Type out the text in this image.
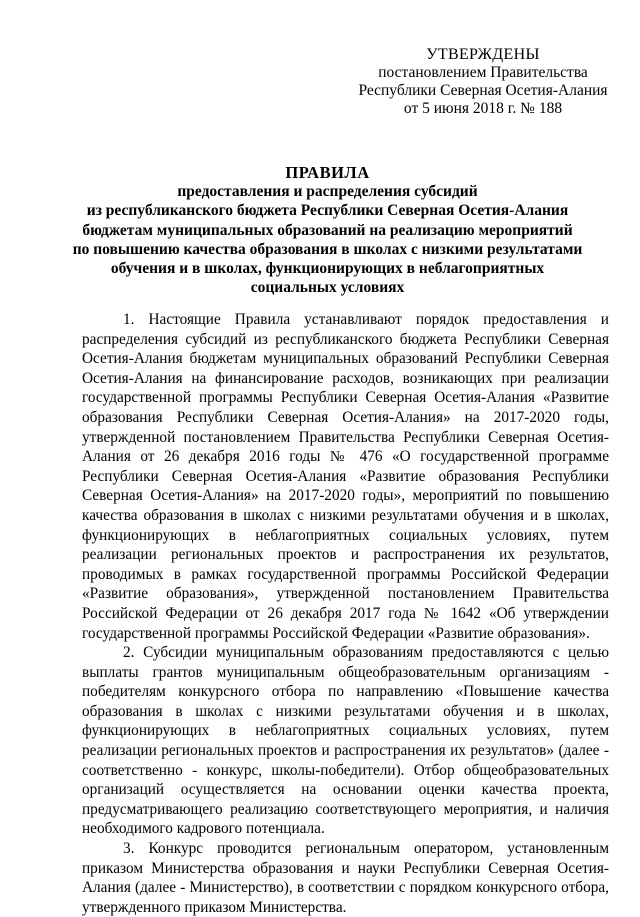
УТВЕРЖДЕНЫ
постановлением Правительства
Республики Северная Осетия-Алания
от 5 июня 2018 г. № 188
ПРАВИЛА
предоставления и распределения субсидий
из республиканского бюджета Республики Северная Осетия-Алания
бюджетам муниципальных образований на реализацию мероприятий
по повышению качества образования в школах с низкими результатами
обучения и в школах, функционирующих в неблагоприятных
социальных условиях

1. Настоящие Правила устанавливают порядок предоставления и распределения субсидий из республиканского бюджета Республики Северная Осетия-Алания бюджетам муниципальных образований Республики Северная Осетия-Алания на финансирование расходов, возникающих при реализации государственной программы Республики Северная Осетия-Алания «Развитие образования Республики Северная Осетия-Алания» на 2017-2020 годы, утвержденной постановлением Правительства Республики Северная Осетия-Алания от 26 декабря 2016 годы № 476 «О государственной программе Республики Северная Осетия-Алания «Развитие образования Республики Северная Осетия-Алания» на 2017-2020 годы», мероприятий по повышению качества образования в школах с низкими результатами обучения и в школах, функционирующих в неблагоприятных социальных условиях, путем реализации региональных проектов и распространения их результатов, проводимых в рамках государственной программы Российской Федерации «Развитие образования», утвержденной постановлением Правительства Российской Федерации от 26 декабря 2017 года № 1642 «Об утверждении государственной программы Российской Федерации «Развитие образования».

2. Субсидии муниципальным образованиям предоставляются с целью выплаты грантов муниципальным общеобразовательным организациям - победителям конкурсного отбора по направлению «Повышение качества образования в школах с низкими результатами обучения и в школах, функционирующих в неблагоприятных социальных условиях, путем реализации региональных проектов и распространения их результатов» (далее - соответственно - конкурс, школы-победители). Отбор общеобразовательных организаций осуществляется на основании оценки качества проекта, предусматривающего реализацию соответствующего мероприятия, и наличия необходимого кадрового потенциала.

3. Конкурс проводится региональным оператором, установленным приказом Министерства образования и науки Республики Северная Осетия-Алания (далее - Министерство), в соответствии с порядком конкурсного отбора, утвержденного приказом Министерства.
